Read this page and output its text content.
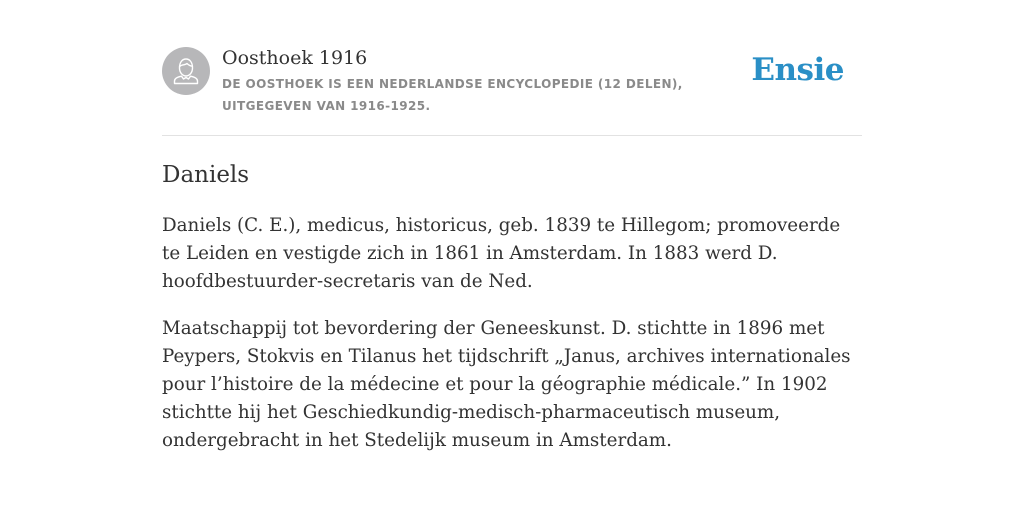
Oosthoek 1916
DE OOSTHOEK IS EEN NEDERLANDSE ENCYCLOPEDIE (12 DELEN), UITGEGEVEN VAN 1916-1925.
Ensie
Daniels

Daniels (C. E.), medicus, historicus, geb. 1839 te Hillegom; promoveerde te Leiden en vestigde zich in 1861 in Amsterdam. In 1883 werd D. hoofdbestuurder-secretaris van de Ned.

Maatschappij tot bevordering der Geneeskunst. D. stichtte in 1896 met Peypers, Stokvis en Tilanus het tijdschrift „Janus, archives internationales pour l’histoire de la médecine et pour la géographie médicale.” In 1902 stichtte hij het Geschiedkundig-medisch-pharmaceutisch museum, ondergebracht in het Stedelijk museum in Amsterdam.
